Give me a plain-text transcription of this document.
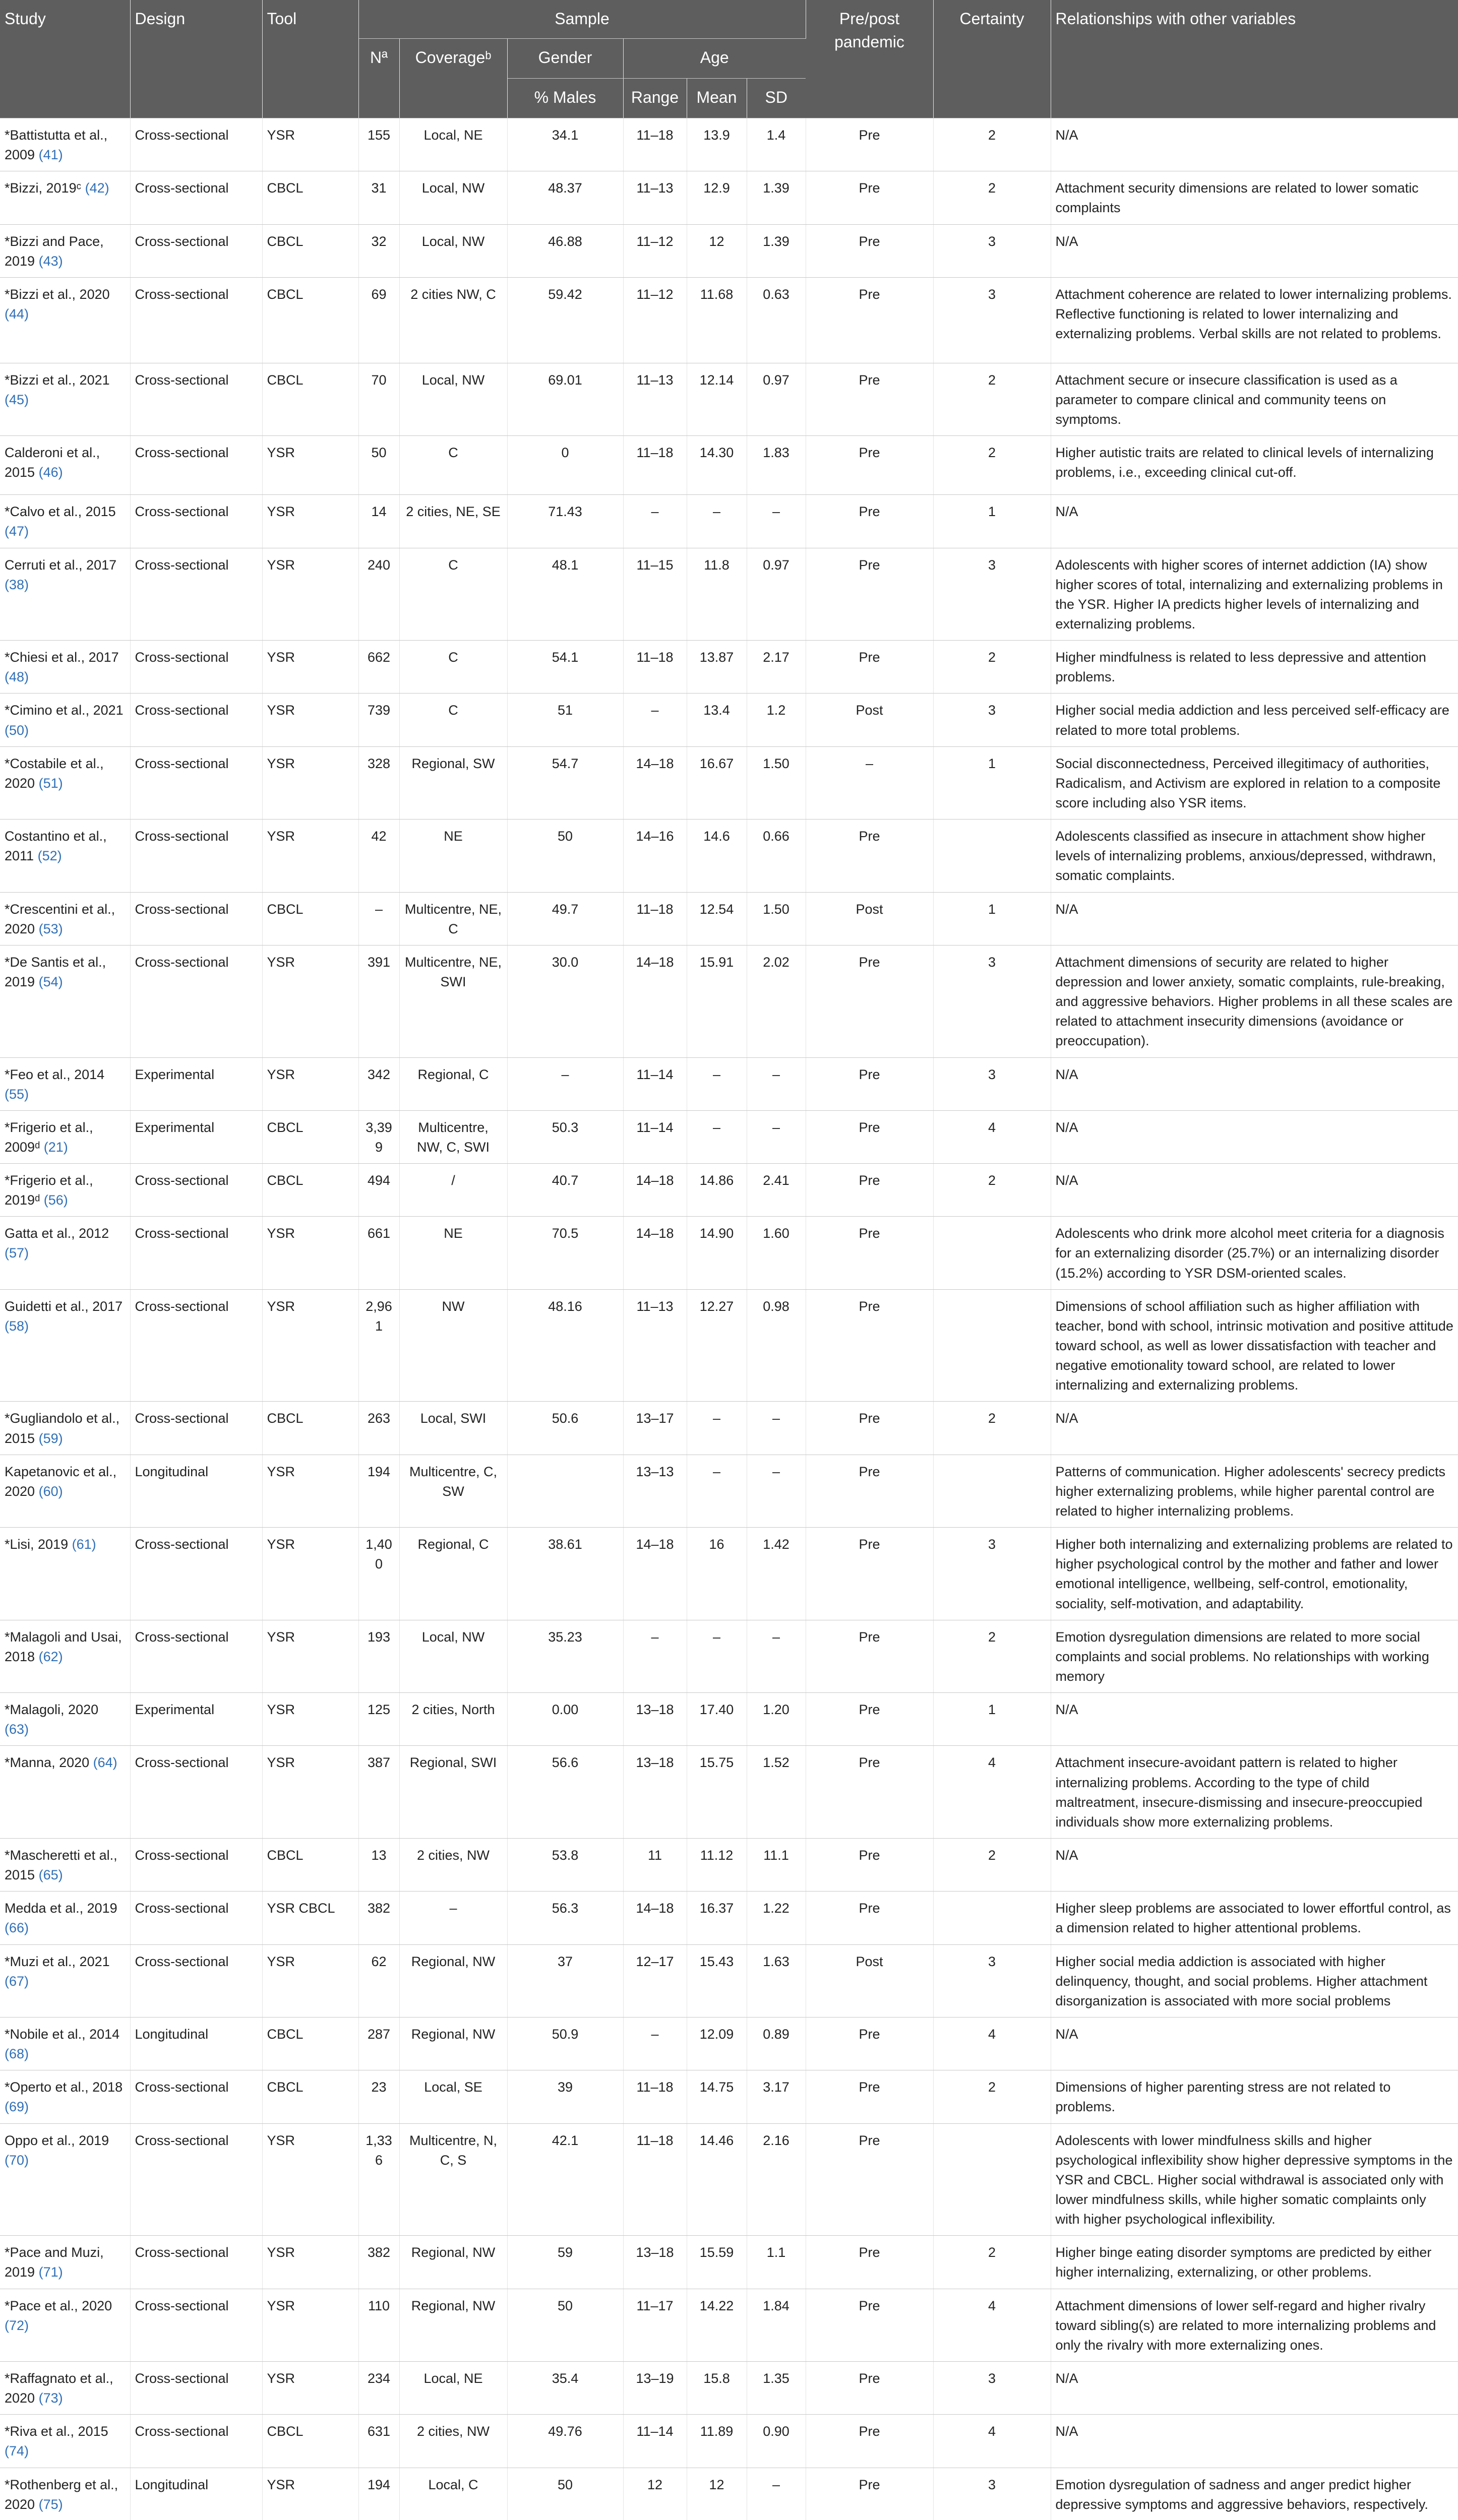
Study	Design	Tool	Sample						Pre/post pandemic	Certainty	Relationships with other variables
			Nª	Coverageᵇ	Gender	Age					
					% Males	Range	Mean	SD			
*Battistutta et al., 2009 (41)	Cross-sectional	YSR	155	Local, NE	34.1	11–18	13.9	1.4	Pre	2	N/A
*Bizzi, 2019ᶜ (42)	Cross-sectional	CBCL	31	Local, NW	48.37	11–13	12.9	1.39	Pre	2	Attachment security dimensions are related to lower somatic complaints
*Bizzi and Pace, 2019 (43)	Cross-sectional	CBCL	32	Local, NW	46.88	11–12	12	1.39	Pre	3	N/A
*Bizzi et al., 2020 (44)	Cross-sectional	CBCL	69	2 cities NW, C	59.42	11–12	11.68	0.63	Pre	3	Attachment coherence are related to lower internalizing problems. Reflective functioning is related to lower internalizing and externalizing problems. Verbal skills are not related to problems.
*Bizzi et al., 2021 (45)	Cross-sectional	CBCL	70	Local, NW	69.01	11–13	12.14	0.97	Pre	2	Attachment secure or insecure classification is used as a parameter to compare clinical and community teens on symptoms.
Calderoni et al., 2015 (46)	Cross-sectional	YSR	50	C	0	11–18	14.30	1.83	Pre	2	Higher autistic traits are related to clinical levels of internalizing problems, i.e., exceeding clinical cut-off.
*Calvo et al., 2015 (47)	Cross-sectional	YSR	14	2 cities, NE, SE	71.43	–	–	–	Pre	1	N/A
Cerruti et al., 2017 (38)	Cross-sectional	YSR	240	C	48.1	11–15	11.8	0.97	Pre	3	Adolescents with higher scores of internet addiction (IA) show higher scores of total, internalizing and externalizing problems in the YSR. Higher IA predicts higher levels of internalizing and externalizing problems.
*Chiesi et al., 2017 (48)	Cross-sectional	YSR	662	C	54.1	11–18	13.87	2.17	Pre	2	Higher mindfulness is related to less depressive and attention problems.
*Cimino et al., 2021 (50)	Cross-sectional	YSR	739	C	51	–	13.4	1.2	Post	3	Higher social media addiction and less perceived self-efficacy are related to more total problems.
*Costabile et al., 2020 (51)	Cross-sectional	YSR	328	Regional, SW	54.7	14–18	16.67	1.50	–	1	Social disconnectedness, Perceived illegitimacy of authorities, Radicalism, and Activism are explored in relation to a composite score including also YSR items.
Costantino et al., 2011 (52)	Cross-sectional	YSR	42	NE	50	14–16	14.6	0.66	Pre		Adolescents classified as insecure in attachment show higher levels of internalizing problems, anxious/depressed, withdrawn, somatic complaints.
*Crescentini et al., 2020 (53)	Cross-sectional	CBCL	–	Multicentre, NE, C	49.7	11–18	12.54	1.50	Post	1	N/A
*De Santis et al., 2019 (54)	Cross-sectional	YSR	391	Multicentre, NE, SWI	30.0	14–18	15.91	2.02	Pre	3	Attachment dimensions of security are related to higher depression and lower anxiety, somatic complaints, rule-breaking, and aggressive behaviors. Higher problems in all these scales are related to attachment insecurity dimensions (avoidance or preoccupation).
*Feo et al., 2014 (55)	Experimental	YSR	342	Regional, C	–	11–14	–	–	Pre	3	N/A
*Frigerio et al., 2009ᵈ (21)	Experimental	CBCL	3,399	Multicentre, NW, C, SWI	50.3	11–14	–	–	Pre	4	N/A
*Frigerio et al., 2019ᵈ (56)	Cross-sectional	CBCL	494	/	40.7	14–18	14.86	2.41	Pre	2	N/A
Gatta et al., 2012 (57)	Cross-sectional	YSR	661	NE	70.5	14–18	14.90	1.60	Pre		Adolescents who drink more alcohol meet criteria for a diagnosis for an externalizing disorder (25.7%) or an internalizing disorder (15.2%) according to YSR DSM-oriented scales.
Guidetti et al., 2017 (58)	Cross-sectional	YSR	2,961	NW	48.16	11–13	12.27	0.98	Pre		Dimensions of school affiliation such as higher affiliation with teacher, bond with school, intrinsic motivation and positive attitude toward school, as well as lower dissatisfaction with teacher and negative emotionality toward school, are related to lower internalizing and externalizing problems.
*Gugliandolo et al., 2015 (59)	Cross-sectional	CBCL	263	Local, SWI	50.6	13–17	–	–	Pre	2	N/A
Kapetanovic et al., 2020 (60)	Longitudinal	YSR	194	Multicentre, C, SW		13–13	–	–	Pre		Patterns of communication. Higher adolescents' secrecy predicts higher externalizing problems, while higher parental control are related to higher internalizing problems.
*Lisi, 2019 (61)	Cross-sectional	YSR	1,400	Regional, C	38.61	14–18	16	1.42	Pre	3	Higher both internalizing and externalizing problems are related to higher psychological control by the mother and father and lower emotional intelligence, wellbeing, self-control, emotionality, sociality, self-motivation, and adaptability.
*Malagoli and Usai, 2018 (62)	Cross-sectional	YSR	193	Local, NW	35.23	–	–	–	Pre	2	Emotion dysregulation dimensions are related to more social complaints and social problems. No relationships with working memory
*Malagoli, 2020 (63)	Experimental	YSR	125	2 cities, North	0.00	13–18	17.40	1.20	Pre	1	N/A
*Manna, 2020 (64)	Cross-sectional	YSR	387	Regional, SWI	56.6	13–18	15.75	1.52	Pre	4	Attachment insecure-avoidant pattern is related to higher internalizing problems. According to the type of child maltreatment, insecure-dismissing and insecure-preoccupied individuals show more externalizing problems.
*Mascheretti et al., 2015 (65)	Cross-sectional	CBCL	13	2 cities, NW	53.8	11	11.12	11.1	Pre	2	N/A
Medda et al., 2019 (66)	Cross-sectional	YSR CBCL	382	–	56.3	14–18	16.37	1.22	Pre		Higher sleep problems are associated to lower effortful control, as a dimension related to higher attentional problems.
*Muzi et al., 2021 (67)	Cross-sectional	YSR	62	Regional, NW	37	12–17	15.43	1.63	Post	3	Higher social media addiction is associated with higher delinquency, thought, and social problems. Higher attachment disorganization is associated with more social problems
*Nobile et al., 2014 (68)	Longitudinal	CBCL	287	Regional, NW	50.9	–	12.09	0.89	Pre	4	N/A
*Operto et al., 2018 (69)	Cross-sectional	CBCL	23	Local, SE	39	11–18	14.75	3.17	Pre	2	Dimensions of higher parenting stress are not related to problems.
Oppo et al., 2019 (70)	Cross-sectional	YSR	1,336	Multicentre, N, C, S	42.1	11–18	14.46	2.16	Pre		Adolescents with lower mindfulness skills and higher psychological inflexibility show higher depressive symptoms in the YSR and CBCL. Higher social withdrawal is associated only with lower mindfulness skills, while higher somatic complaints only with higher psychological inflexibility.
*Pace and Muzi, 2019 (71)	Cross-sectional	YSR	382	Regional, NW	59	13–18	15.59	1.1	Pre	2	Higher binge eating disorder symptoms are predicted by either higher internalizing, externalizing, or other problems.
*Pace et al., 2020 (72)	Cross-sectional	YSR	110	Regional, NW	50	11–17	14.22	1.84	Pre	4	Attachment dimensions of lower self-regard and higher rivalry toward sibling(s) are related to more internalizing problems and only the rivalry with more externalizing ones.
*Raffagnato et al., 2020 (73)	Cross-sectional	YSR	234	Local, NE	35.4	13–19	15.8	1.35	Pre	3	N/A
*Riva et al., 2015 (74)	Cross-sectional	CBCL	631	2 cities, NW	49.76	11–14	11.89	0.90	Pre	4	N/A
*Rothenberg et al., 2020 (75)	Longitudinal	YSR	194	Local, C	50	12	12	–	Pre	3	Emotion dysregulation of sadness and anger predict higher depressive symptoms and aggressive behaviors, respectively.
